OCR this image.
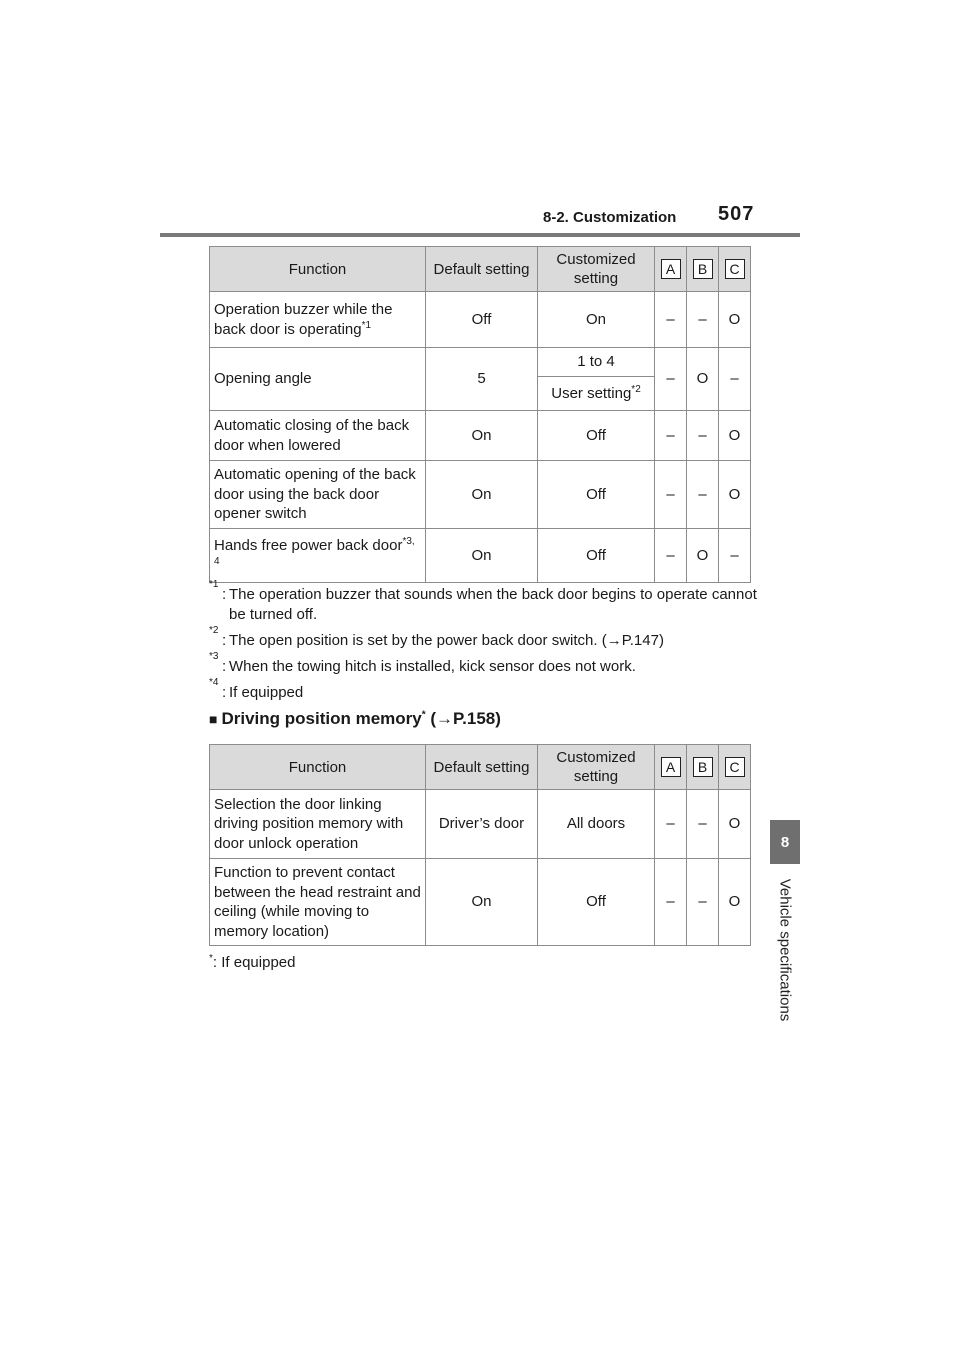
8-2. Customization 507
8
Vehicle specifications
Function	Default setting	Customized setting	A	B	C
Operation buzzer while the back door is operating$^{*1}$	Off	On	–	–	O
Opening angle	5	1 to 4	–	O	–
		User setting$^{*2}$
Automatic closing of the back door when lowered	On	Off	–	–	O
Automatic opening of the back door using the back door opener switch	On	Off	–	–	O
Hands free power back door$^{*3, 4}$	On	Off	–	O	–
*1
: The operation buzzer that sounds when the back door begins to operate cannot be turned off.
*2
: The open position is set by the power back door switch. (→P.147)
*3
: When the towing hitch is installed, kick sensor does not work.
*4
: If equipped
■ Driving position memory* (→P.158)
Function	Default setting	Customized setting	A	B	C
Selection the door linking driving position memory with door unlock operation	Driver’s door	All doors	–	–	O
Function to prevent contact between the head restraint and ceiling (while moving to memory location)	On	Off	–	–	O
*: If equipped
